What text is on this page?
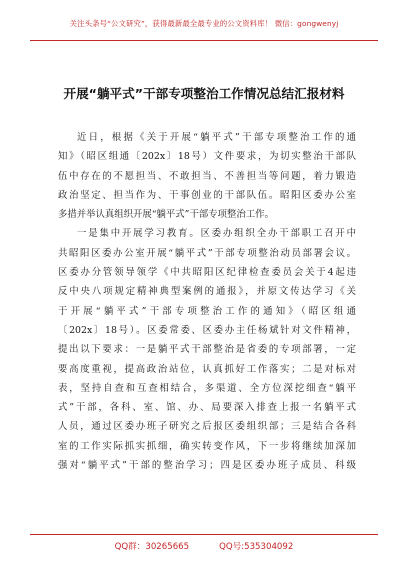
关注头条号“公文研究”，获得最新最全最专业的公文资料库！ 微信：gongwenyj
开展“躺平式”干部专项整治工作情况总结汇报材料
近日，根据《关于开展“躺平式”干部专项整治工作的通
知》（昭区组通〔202x〕18号）文件要求，为切实整治干部队
伍中存在的不愿担当、不敢担当、不善担当等问题，着力锻造
政治坚定、担当作为、干事创业的干部队伍。昭阳区委办公室
多措并举认真组织开展“躺平式”干部专项整治工作。
一是集中开展学习教育。区委办组织全办干部职工召开中
共昭阳区委办公室开展“躺平式”干部专项整治动员部署会议。
区委办分管领导领学《中共昭阳区纪律检查委员会关于4起违
反中央八项规定精神典型案例的通报》，并原文传达学习《关
于开展“躺平式”干部专项整治工作的通知》（昭区组通
〔202x〕18号）。区委常委、区委办主任杨斌针对文件精神，
提出以下要求：一是躺平式干部整治是省委的专项部署，一定
要高度重视，提高政治站位，认真抓好工作落实；二是对标对
表，坚持自查和互查相结合，多渠道、全方位深挖细查“躺平
式”干部，各科、室、馆、办、局要深入排查上报一名躺平式
人员，通过区委办班子研究之后报区委组织部；三是结合各科
室的工作实际抓实抓细，确实转变作风，下一步将继续加深加
强对“躺平式”干部的整治学习；四是区委办班子成员、科级
QQ群：30265665	QQ号:535304092
